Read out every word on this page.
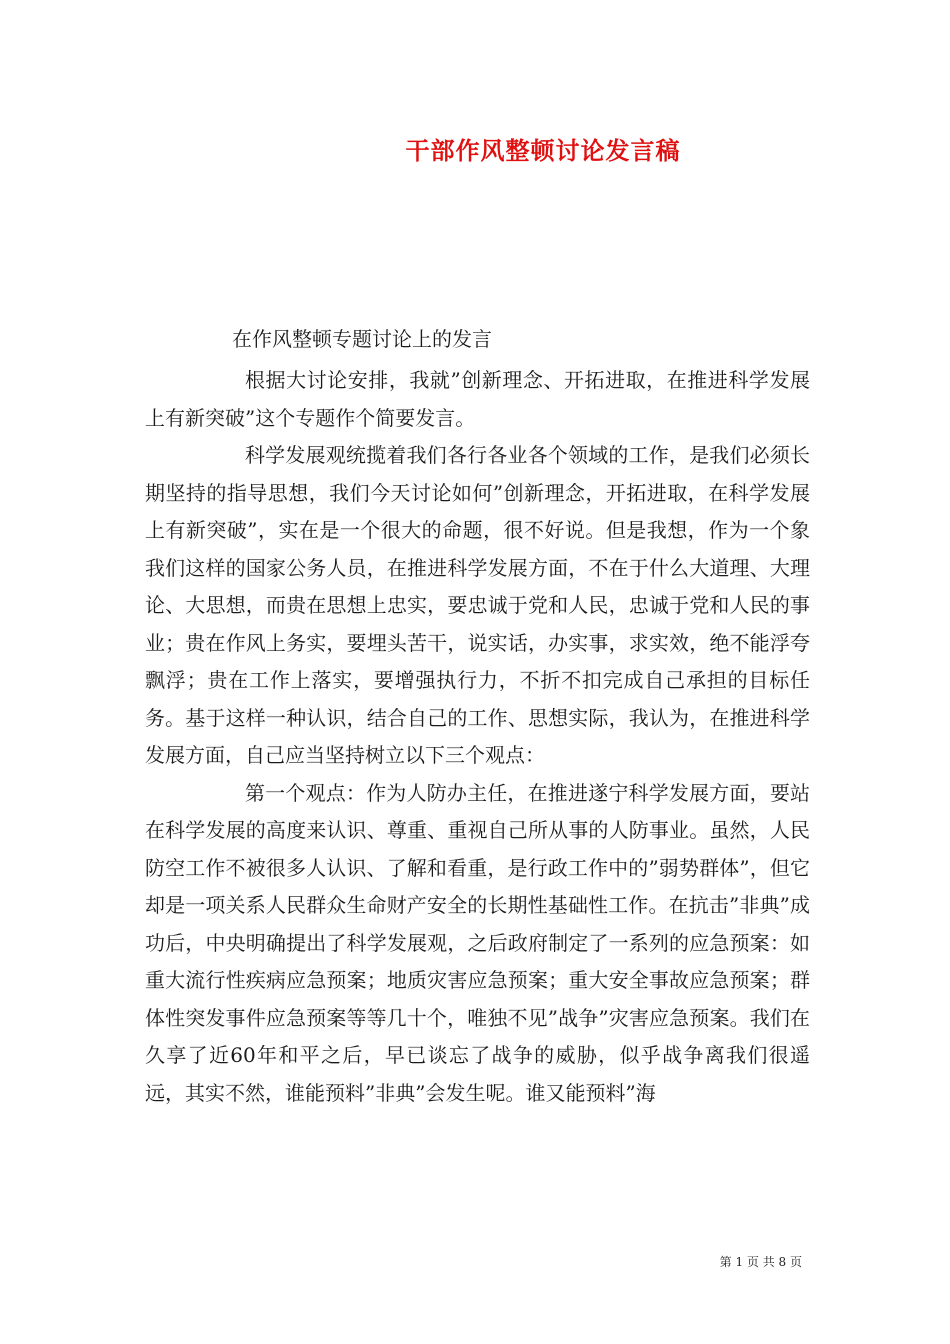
干部作风整顿讨论发言稿
在作风整顿专题讨论上的发言

根据大讨论安排，我就”创新理念、开拓进取，在推进科学发展上有新突破”这个专题作个简要发言。

科学发展观统揽着我们各行各业各个领域的工作，是我们必须长期坚持的指导思想，我们今天讨论如何”创新理念，开拓进取，在科学发展上有新突破”，实在是一个很大的命题，很不好说。但是我想，作为一个象我们这样的国家公务人员，在推进科学发展方面，不在于什么大道理、大理论、大思想，而贵在思想上忠实，要忠诚于党和人民，忠诚于党和人民的事业；贵在作风上务实，要埋头苦干，说实话，办实事，求实效，绝不能浮夸飘浮；贵在工作上落实，要增强执行力，不折不扣完成自己承担的目标任务。基于这样一种认识，结合自己的工作、思想实际，我认为，在推进科学发展方面，自己应当坚持树立以下三个观点：

第一个观点：作为人防办主任，在推进遂宁科学发展方面，要站在科学发展的高度来认识、尊重、重视自己所从事的人防事业。虽然，人民防空工作不被很多人认识、了解和看重，是行政工作中的”弱势群体”，但它却是一项关系人民群众生命财产安全的长期性基础性工作。在抗击”非典”成功后，中央明确提出了科学发展观，之后政府制定了一系列的应急预案：如重大流行性疾病应急预案；地质灾害应急预案；重大安全事故应急预案；群体性突发事件应急预案等等几十个，唯独不见”战争”灾害应急预案。我们在久享了近60年和平之后，早已谈忘了战争的威胁，似乎战争离我们很遥远，其实不然，谁能预料”非典”会发生呢。谁又能预料”海

第 1 页 共 8 页
